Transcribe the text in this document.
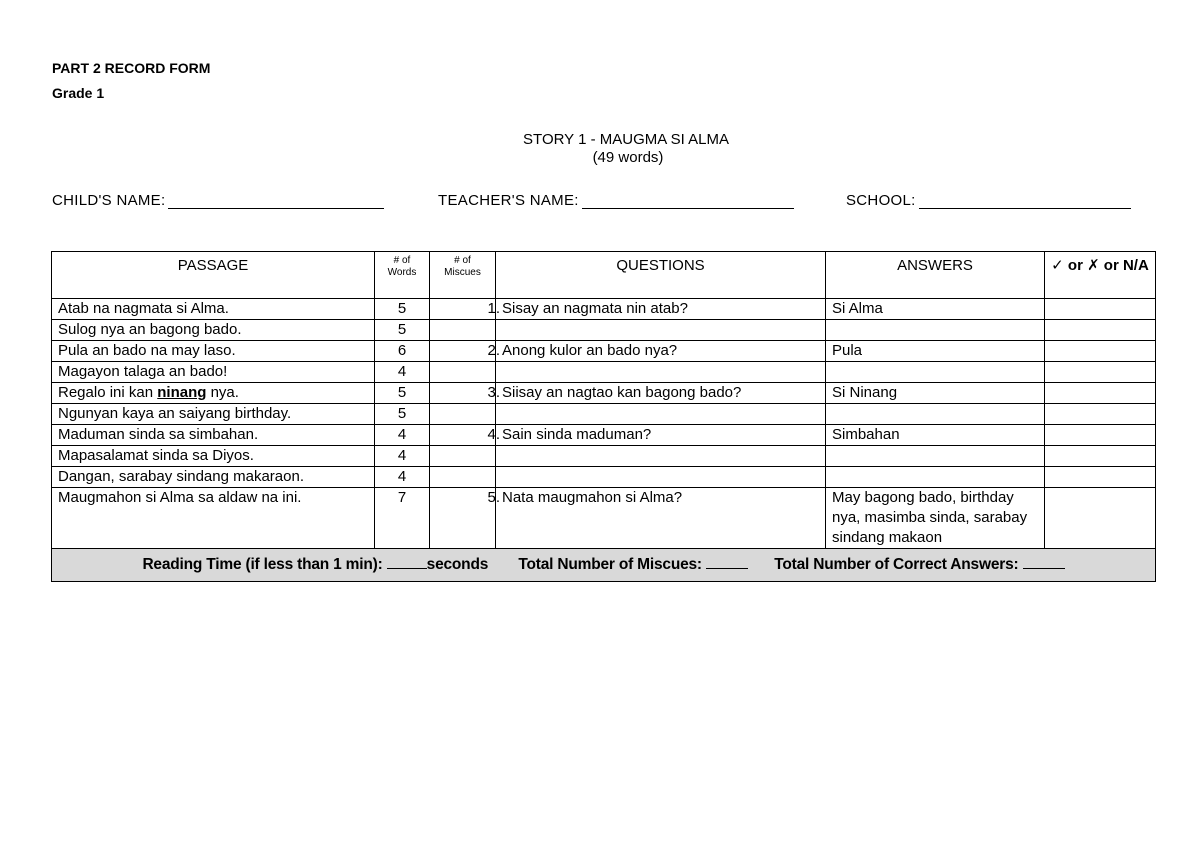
PART 2 RECORD FORM
Grade 1
STORY 1 - MAUGMA SI ALMA
(49 words)
CHILD'S NAME:	TEACHER'S NAME:	SCHOOL:
PASSAGE	# of Words	# of Miscues	QUESTIONS	ANSWERS	✓ or ✗ or N/A
Atab na nagmata si Alma.	5		1. Sisay an nagmata nin atab?	Si Alma	
Sulog nya an bagong bado.	5				
Pula an bado na may laso.	6		2. Anong kulor an bado nya?	Pula	
Magayon talaga an bado!	4				
Regalo ini kan ninang nya.	5		3. Siisay an nagtao kan bagong bado?	Si Ninang	
Ngunyan kaya an saiyang birthday.	5				
Maduman sinda sa simbahan.	4		4. Sain sinda maduman?	Simbahan	
Mapasalamat sinda sa Diyos.	4				
Dangan, sarabay sindang makaraon.	4				
Maugmahon si Alma sa aldaw na ini.	7		5. Nata maugmahon si Alma?	May bagong bado, birthday nya, masimba sinda, sarabay sindang makaon	
Reading Time (if less than 1 min): seconds Total Number of Miscues: Total Number of Correct Answers:					
